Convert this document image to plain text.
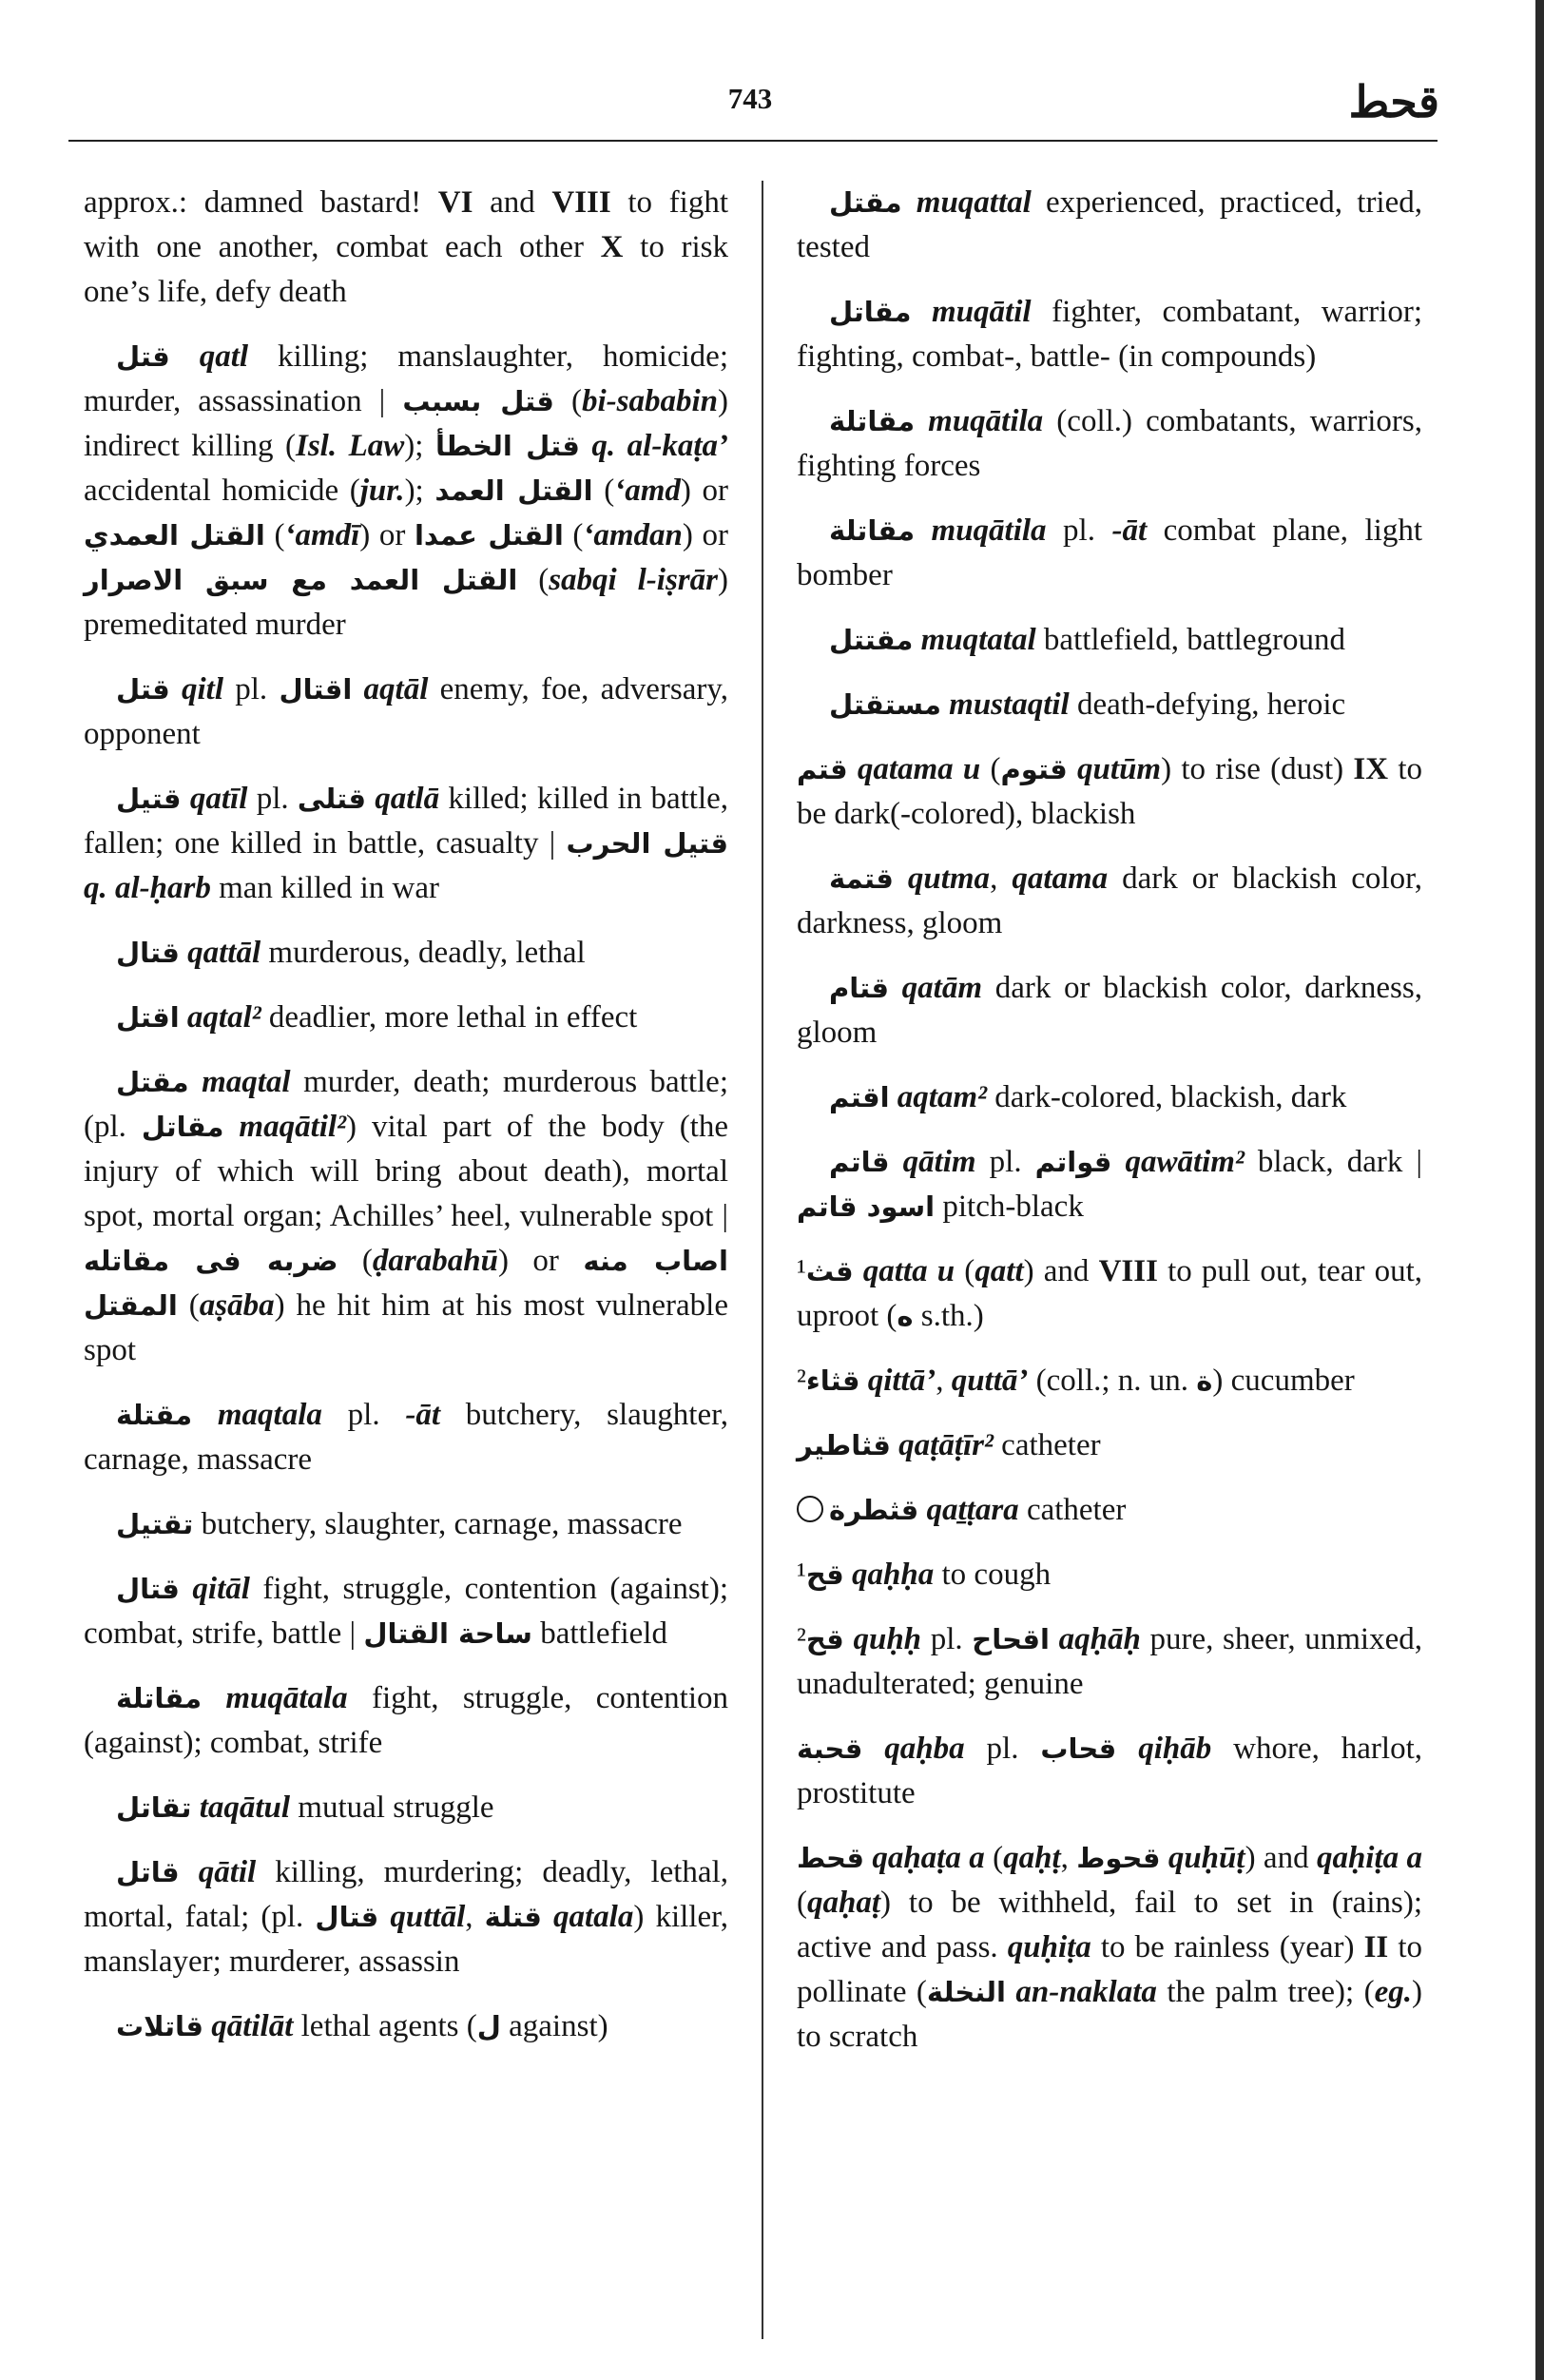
743	قحط

approx.: damned bastard! VI and VIII to fight with one another, combat each other X to risk one’s life, defy death

قتل qatl killing; manslaughter, homicide; murder, assassination | قتل بسبب (bi-sababin) indirect killing (Isl. Law); قتل الخطأ q. al-kaṭa’ accidental homicide (jur.); القتل العمد (‘amd) or القتل العمدي (‘amdī) or القتل عمدا (‘amdan) or القتل العمد مع سبق الاصرار (sabqi l-iṣrār) premeditated murder

قتل qitl pl. اقتال aqtāl enemy, foe, adversary, opponent

قتيل qatīl pl. قتلى qatlā killed; killed in battle, fallen; one killed in battle, casualty | قتيل الحرب q. al-ḥarb man killed in war

قتال qattāl murderous, deadly, lethal

اقتل aqtal² deadlier, more lethal in effect

مقتل maqtal murder, death; murderous battle; (pl. مقاتل maqātil²) vital part of the body (the injury of which will bring about death), mortal spot, mortal organ; Achilles’ heel, vulnerable spot | ضربه فى مقاتله (ḍarabahū) or اصاب منه المقتل (aṣāba) he hit him at his most vulnerable spot

مقتلة maqtala pl. -āt butchery, slaughter, carnage, massacre

تقتيل butchery, slaughter, carnage, massacre

قتال qitāl fight, struggle, contention (against); combat, strife, battle | ساحة القتال battlefield

مقاتلة muqātala fight, struggle, contention (against); combat, strife

تقاتل taqātul mutual struggle

قاتل qātil killing, murdering; deadly, lethal, mortal, fatal; (pl. قتال quttāl, قتلة qatala) killer, manslayer; murderer, assassin

قاتلات qātilāt lethal agents (ل against)

مقتل muqattal experienced, practiced, tried, tested

مقاتل muqātil fighter, combatant, warrior; fighting, combat-, battle- (in compounds)

مقاتلة muqātila (coll.) combatants, warriors, fighting forces

مقاتلة muqātila pl. -āt combat plane, light bomber

مقتتل muqtatal battlefield, battleground

مستقتل mustaqtil death-defying, heroic

قتم qatama u (قتوم qutūm) to rise (dust) IX to be dark(-colored), blackish

قتمة qutma, qatama dark or blackish color, darkness, gloom

قتام qatām dark or blackish color, darkness, gloom

اقتم aqtam² dark-colored, blackish, dark

قاتم qātim pl. قواتم qawātim² black, dark | اسود قاتم pitch-black

¹قث qatta u (qatt) and VIII to pull out, tear out, uproot (ه s.th.)

²قثاء qittā’, quttā’ (coll.; n. un. ة) cucumber

قثاطير qaṭāṭīr² catheter

قثطرة qaṯṭara catheter

¹قح qaḥḥa to cough

²قح quḥḥ pl. اقحاح aqḥāḥ pure, sheer, unmixed, unadulterated; genuine

قحبة qaḥba pl. قحاب qiḥāb whore, harlot, prostitute

قحط qaḥaṭa a (qaḥṭ, قحوط quḥūṭ) and qaḥiṭa a (qaḥaṭ) to be withheld, fail to set in (rains); active and pass. quḥiṭa to be rainless (year) II to pollinate (النخلة an-naklata the palm tree); (eg.) to scratch
